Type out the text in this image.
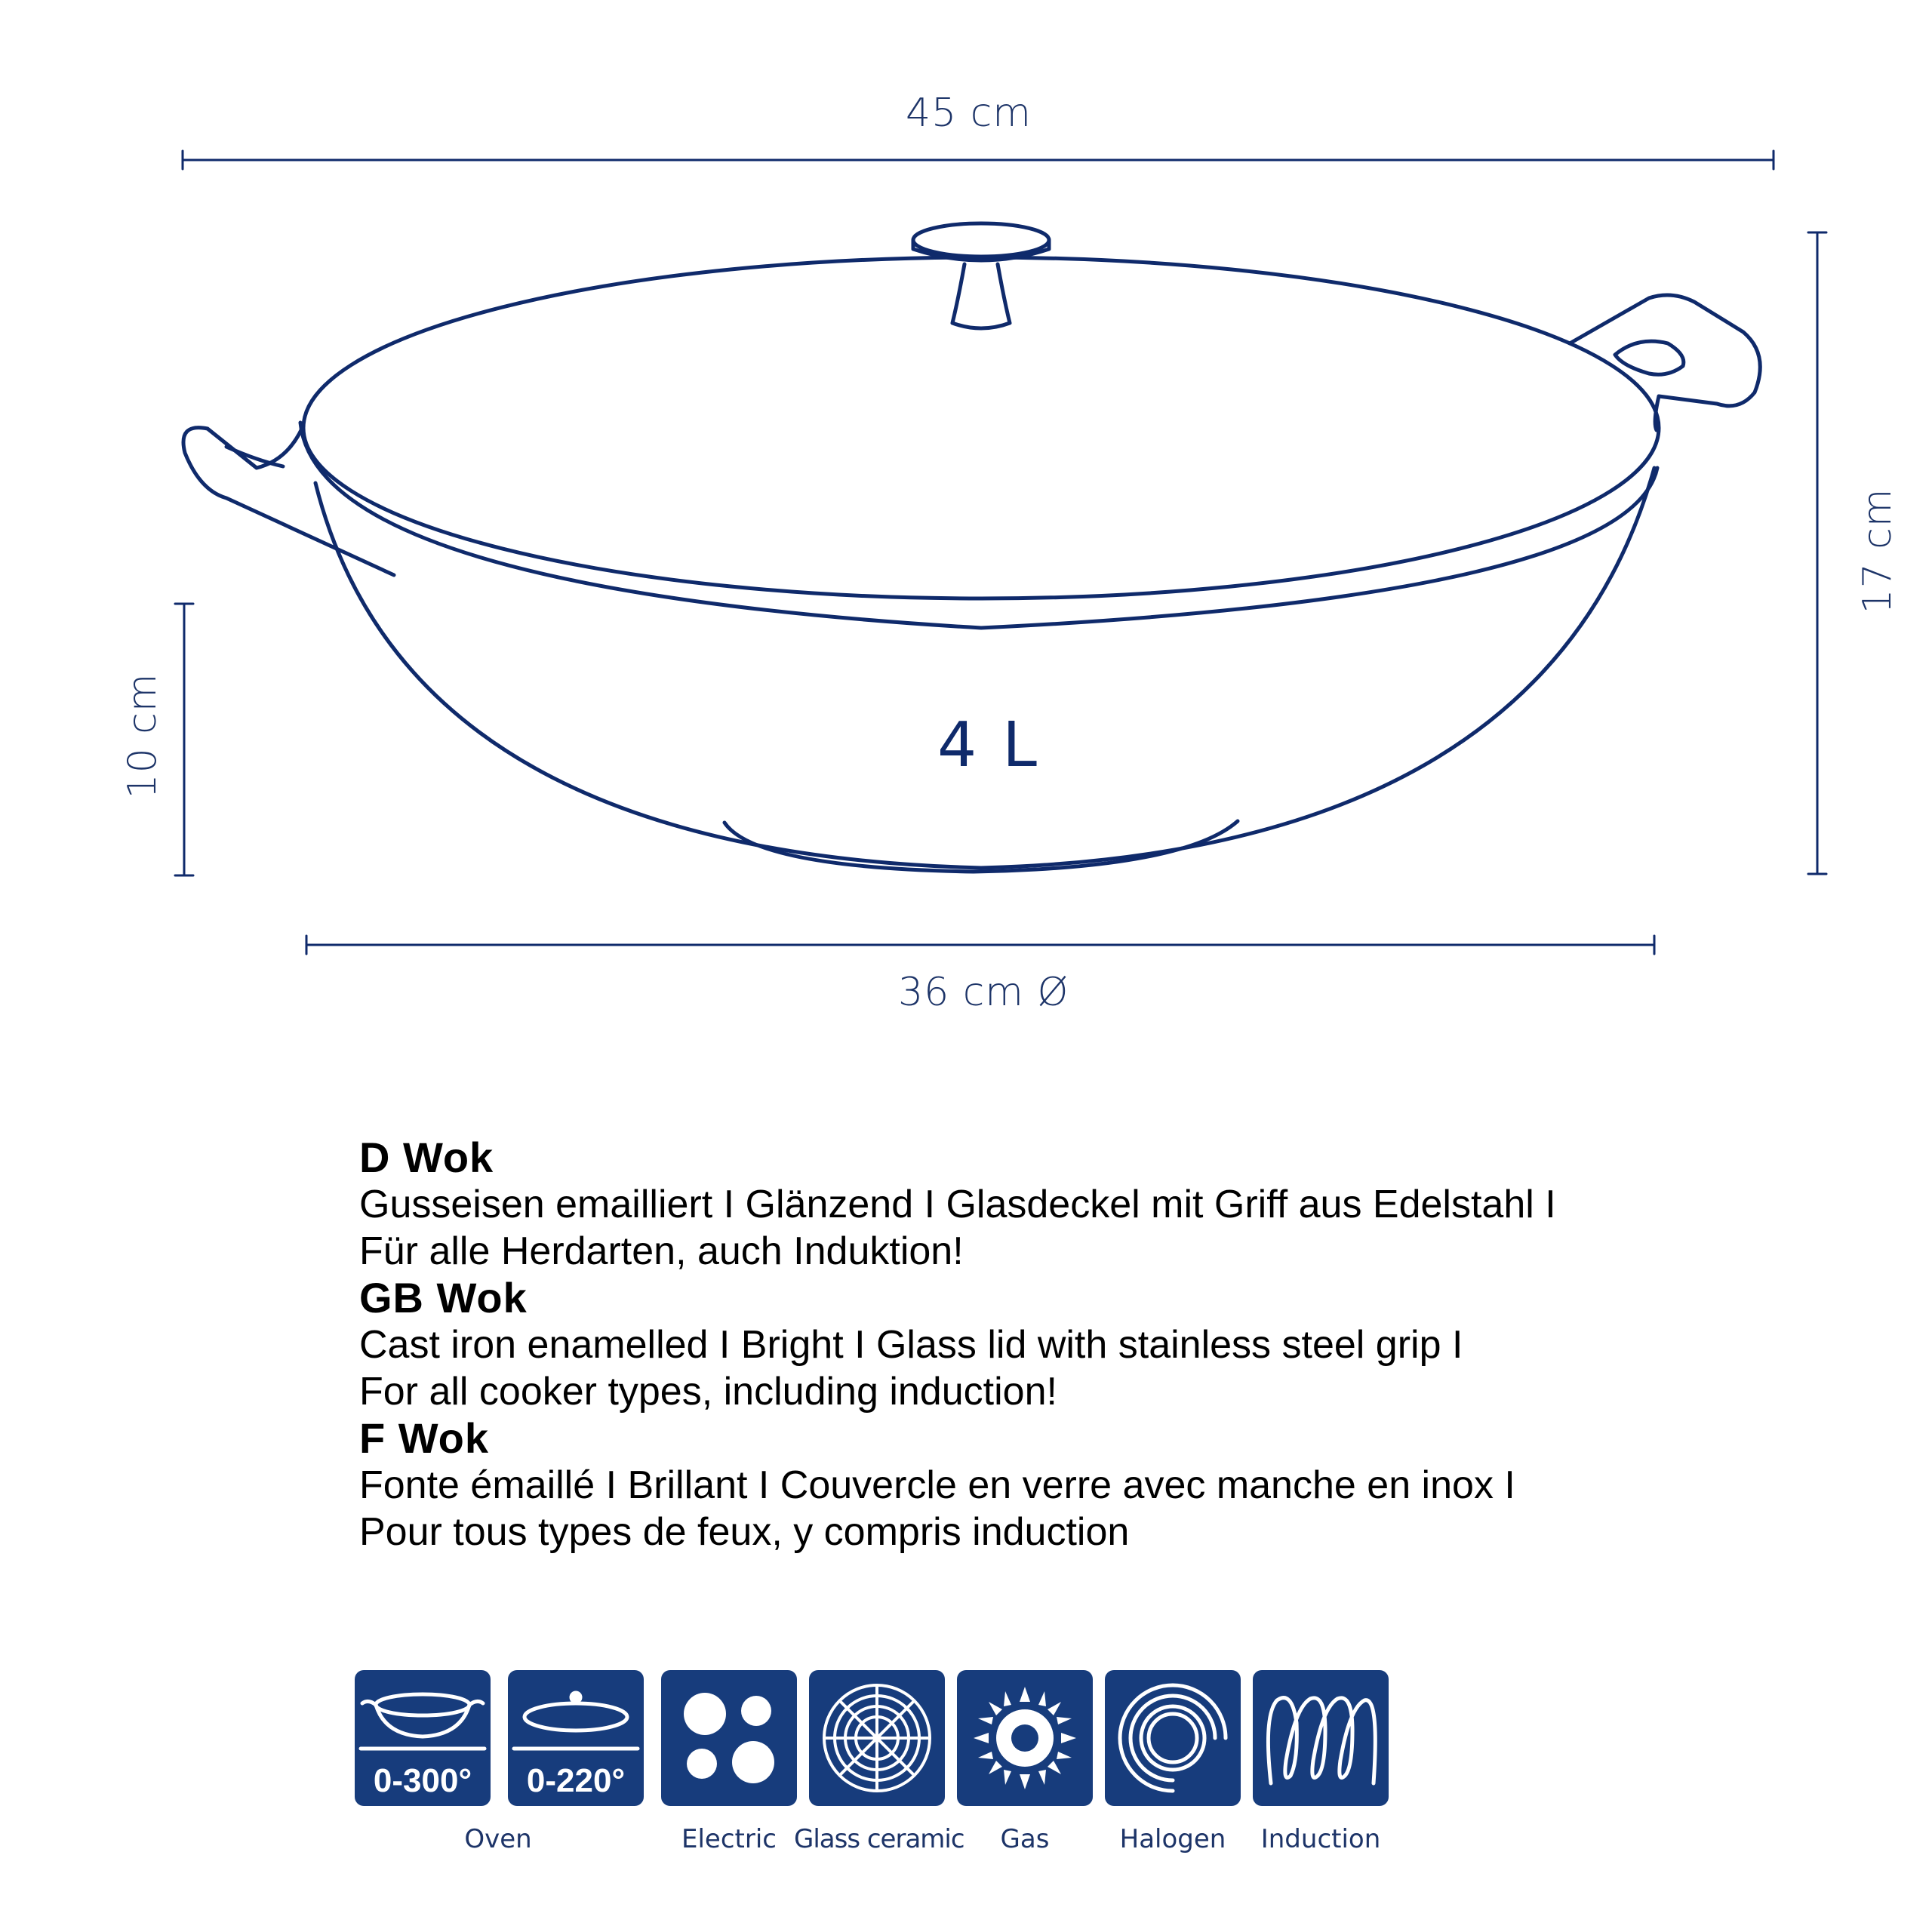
45 cm
17 cm
10 cm
36 cm Ø
4 L
D Wok
Gusseisen emailliert I Glänzend I Glasdeckel mit Griff aus Edelstahl I
Für alle Herdarten, auch Induktion!
GB Wok
Cast iron enamelled I Bright I Glass lid with stainless steel grip I
For all cooker types, including induction!
F Wok
Fonte émaillé I Brillant I Couvercle en verre avec manche en inox I
Pour tous types de feux, y compris induction
0-300°	0-220°
Oven	Electric Glass ceramic	Gas	Halogen	Induction
